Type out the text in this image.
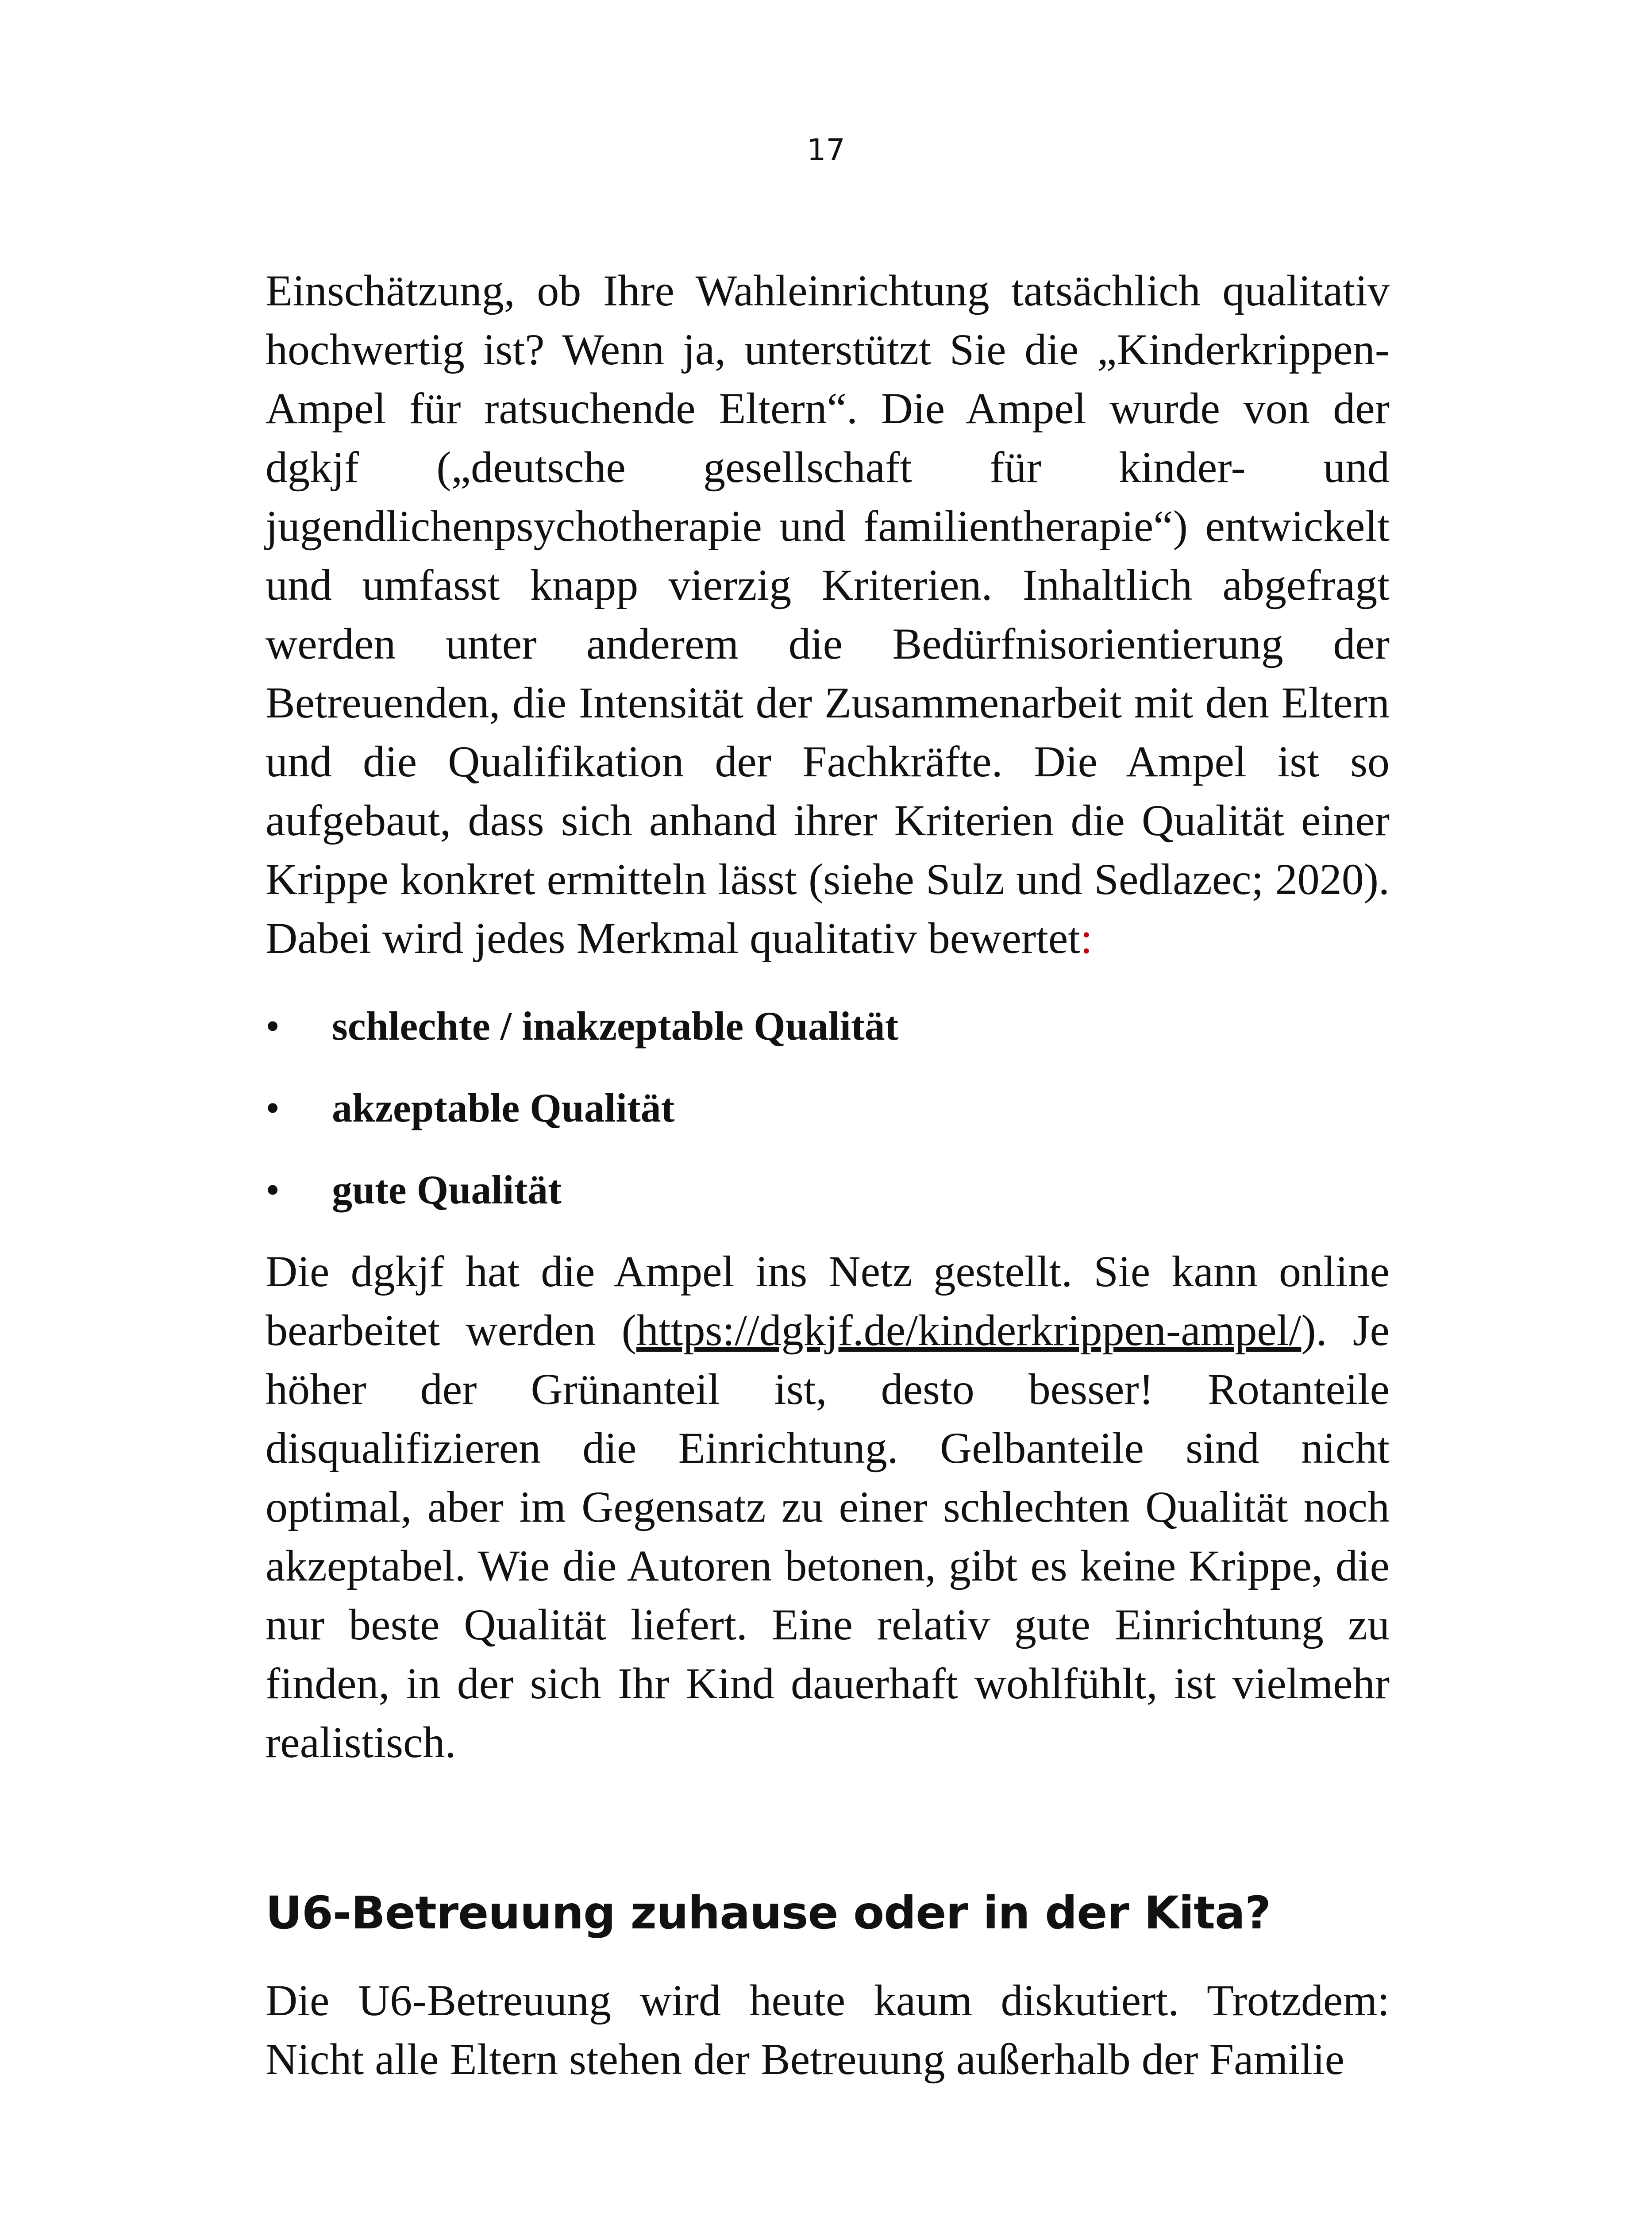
17

Einschätzung, ob Ihre Wahleinrichtung tatsächlich qualitativ hochwertig ist? Wenn ja, unterstützt Sie die „Kinderkrippen-Ampel für ratsuchende Eltern“. Die Ampel wurde von der dgkjf („deutsche gesellschaft für kinder- und jugendlichenpsychotherapie und familientherapie“) entwickelt und umfasst knapp vierzig Kriterien. Inhaltlich abgefragt werden unter anderem die Bedürfnisorientierung der Betreuenden, die Intensität der Zusammenarbeit mit den Eltern und die Qualifikation der Fachkräfte. Die Ampel ist so aufgebaut, dass sich anhand ihrer Kriterien die Qualität einer Krippe konkret ermitteln lässt (siehe Sulz und Sedlazec; 2020). Dabei wird jedes Merkmal qualitativ bewertet:

• schlechte / inakzeptable Qualität
• akzeptable Qualität
• gute Qualität

Die dgkjf hat die Ampel ins Netz gestellt. Sie kann online bearbeitet werden (https://dgkjf.de/kinderkrippen-ampel/). Je höher der Grünanteil ist, desto besser! Rotanteile disqualifizieren die Einrichtung. Gelbanteile sind nicht optimal, aber im Gegensatz zu einer schlechten Qualität noch akzeptabel. Wie die Autoren betonen, gibt es keine Krippe, die nur beste Qualität liefert. Eine relativ gute Einrichtung zu finden, in der sich Ihr Kind dauerhaft wohlfühlt, ist vielmehr realistisch.

U6-Betreuung zuhause oder in der Kita?

Die U6-Betreuung wird heute kaum diskutiert. Trotzdem: Nicht alle Eltern stehen der Betreuung außerhalb der Familie
